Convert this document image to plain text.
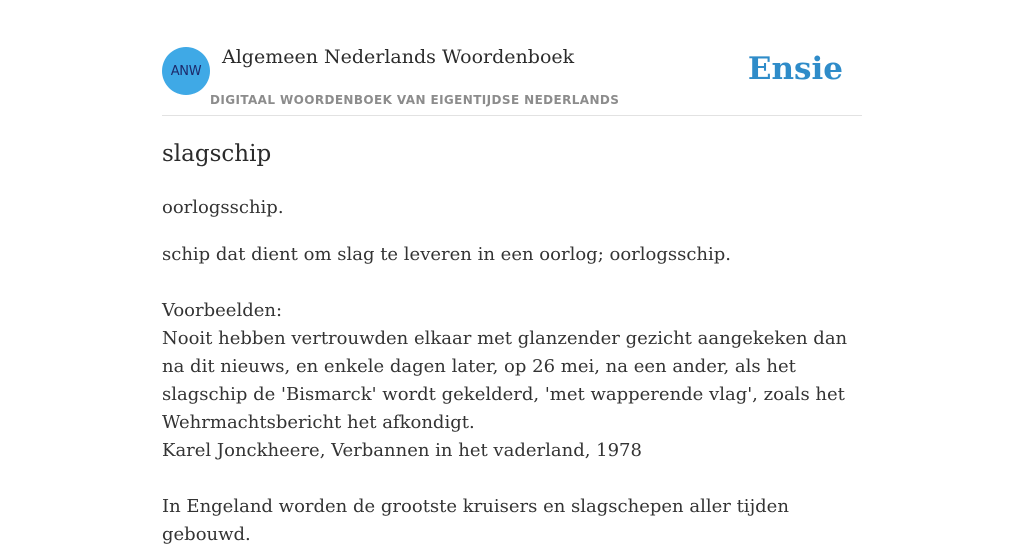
ANW
Algemeen Nederlands Woordenboek
DIGITAAL WOORDENBOEK VAN EIGENTIJDSE NEDERLANDS
Ensie
slagschip

oorlogsschip.

schip dat dient om slag te leveren in een oorlog; oorlogsschip.

Voorbeelden:

Nooit hebben vertrouwden elkaar met glanzender gezicht aangekeken dan na dit nieuws, en enkele dagen later, op 26 mei, na een ander, als het slagschip de 'Bismarck' wordt gekelderd, 'met wapperende vlag', zoals het Wehrmachtsbericht het afkondigt.

Karel Jonckheere, Verbannen in het vaderland, 1978

In Engeland worden de grootste kruisers en slagschepen aller tijden gebouwd.
